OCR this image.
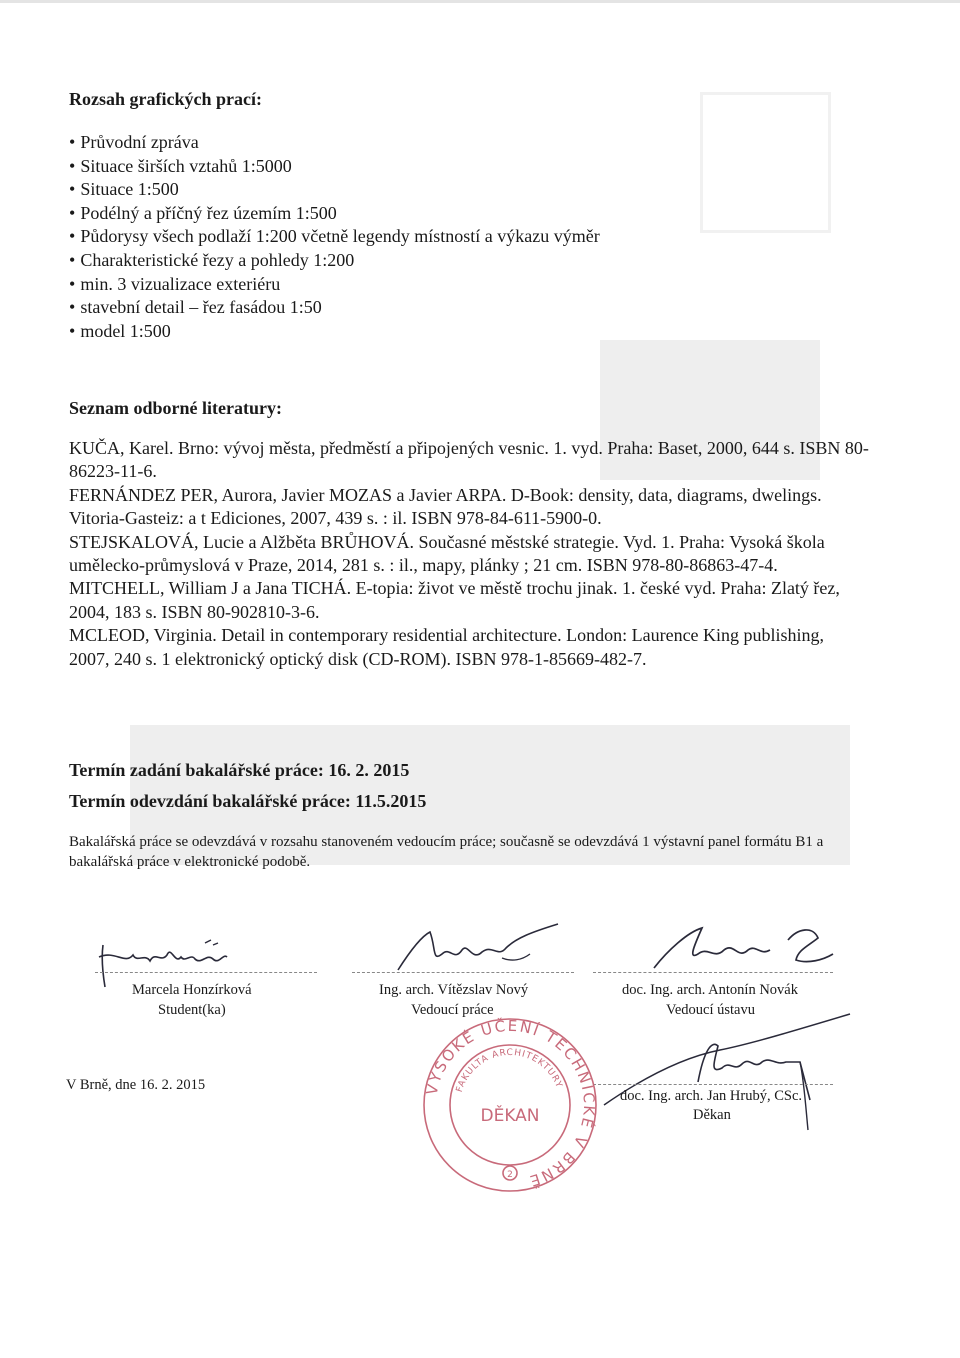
Rozsah grafických prací:
• Průvodní zpráva
• Situace širších vztahů 1:5000
• Situace 1:500
• Podélný a příčný řez územím 1:500
• Půdorysy všech podlaží 1:200 včetně legendy místností a výkazu výměr
• Charakteristické řezy a pohledy 1:200
• min. 3 vizualizace exteriéru
• stavební detail – řez fasádou 1:50
• model 1:500
Seznam odborné literatury:

KUČA, Karel. Brno: vývoj města, předměstí a připojených vesnic. 1. vyd. Praha: Baset, 2000, 644 s. ISBN 80-86223-11-6.

FERNÁNDEZ PER, Aurora, Javier MOZAS a Javier ARPA. D-Book: density, data, diagrams, dwelings. Vitoria-Gasteiz: a t Ediciones, 2007, 439 s. : il. ISBN 978-84-611-5900-0.

STEJSKALOVÁ, Lucie a Alžběta BRŮHOVÁ. Současné městské strategie. Vyd. 1. Praha: Vysoká škola umělecko-průmyslová v Praze, 2014, 281 s. : il., mapy, plánky ; 21 cm. ISBN 978-80-86863-47-4.

MITCHELL, William J a Jana TICHÁ. E-topia: život ve městě trochu jinak. 1. české vyd. Praha: Zlatý řez, 2004, 183 s. ISBN 80-902810-3-6.

MCLEOD, Virginia. Detail in contemporary residential architecture. London: Laurence King publishing, 2007, 240 s. 1 elektronický optický disk (CD-ROM). ISBN 978-1-85669-482-7.

Termín zadání bakalářské práce: 16. 2. 2015
Termín odevzdání bakalářské práce: 11.5.2015
Bakalářská práce se odevzdává v rozsahu stanoveném vedoucím práce; současně se odevzdává 1 výstavní panel formátu B1 a bakalářská práce v elektronické podobě.
Marcela Honzírková
Student(ka)
Ing. arch. Vítězslav Nový
Vedoucí práce
doc. Ing. arch. Antonín Novák
Vedoucí ústavu
V Brně, dne 16. 2. 2015
doc. Ing. arch. Jan Hrubý, CSc.
Děkan
VYSOKÉ UČENÍ TECHNICKÉ V BRNĚ
FAKULTA ARCHITEKTURY
DĚKAN
2
